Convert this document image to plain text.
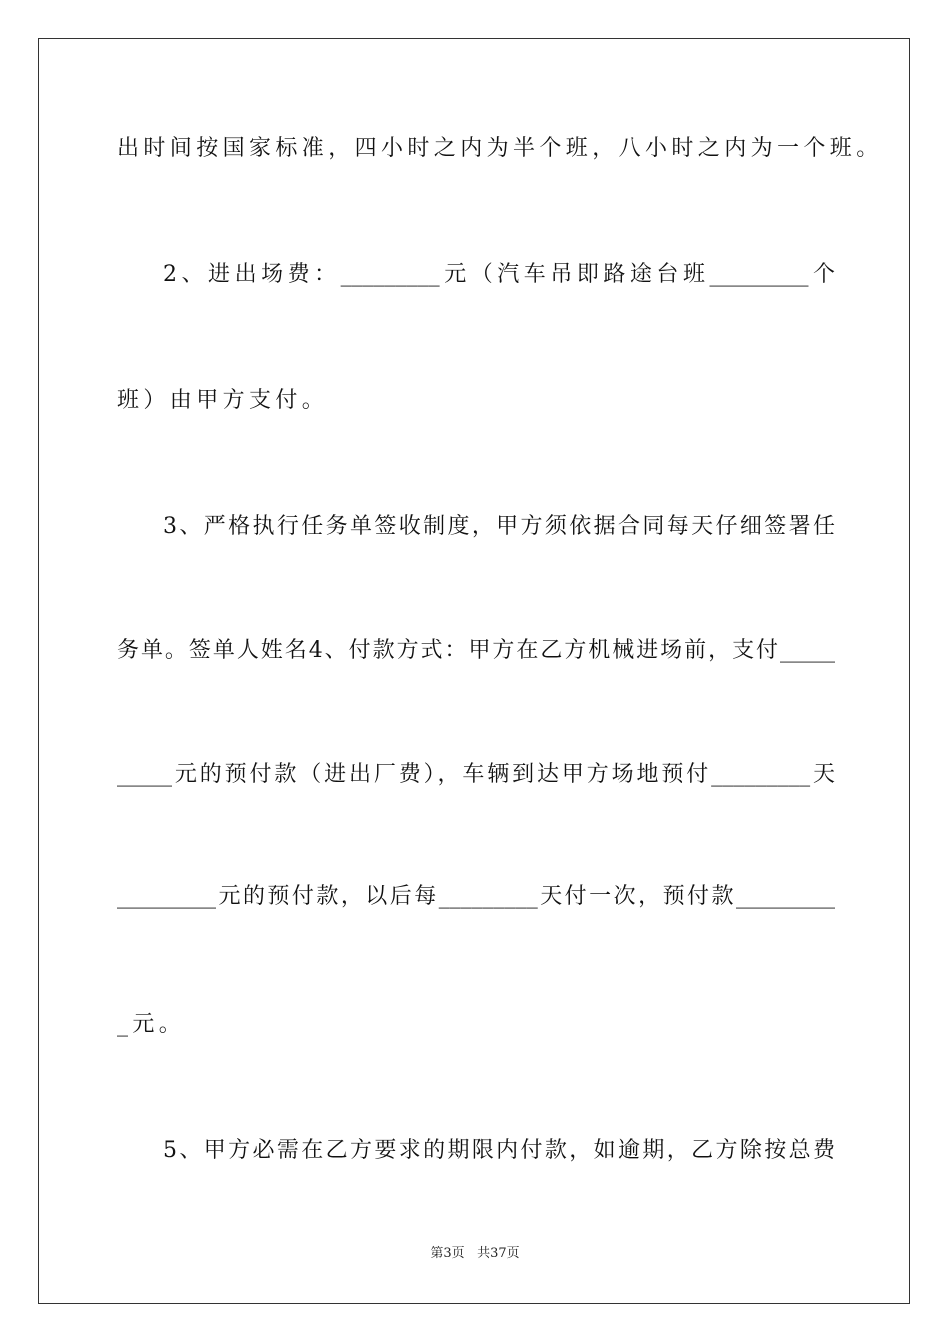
出时间按国家标准，四小时之内为半个班，八小时之内为一个班。
2、进出场费：_________元（汽车吊即路途台班_________个
班）由甲方支付。
3、严格执行任务单签收制度，甲方须依据合同每天仔细签署任
务单。签单人姓名4、付款方式：甲方在乙方机械进场前，支付_____
_____元的预付款（进出厂费），车辆到达甲方场地预付_________天
_________元的预付款，以后每_________天付一次，预付款_________
_元。
5、甲方必需在乙方要求的期限内付款，如逾期，乙方除按总费
第3页 共37页
